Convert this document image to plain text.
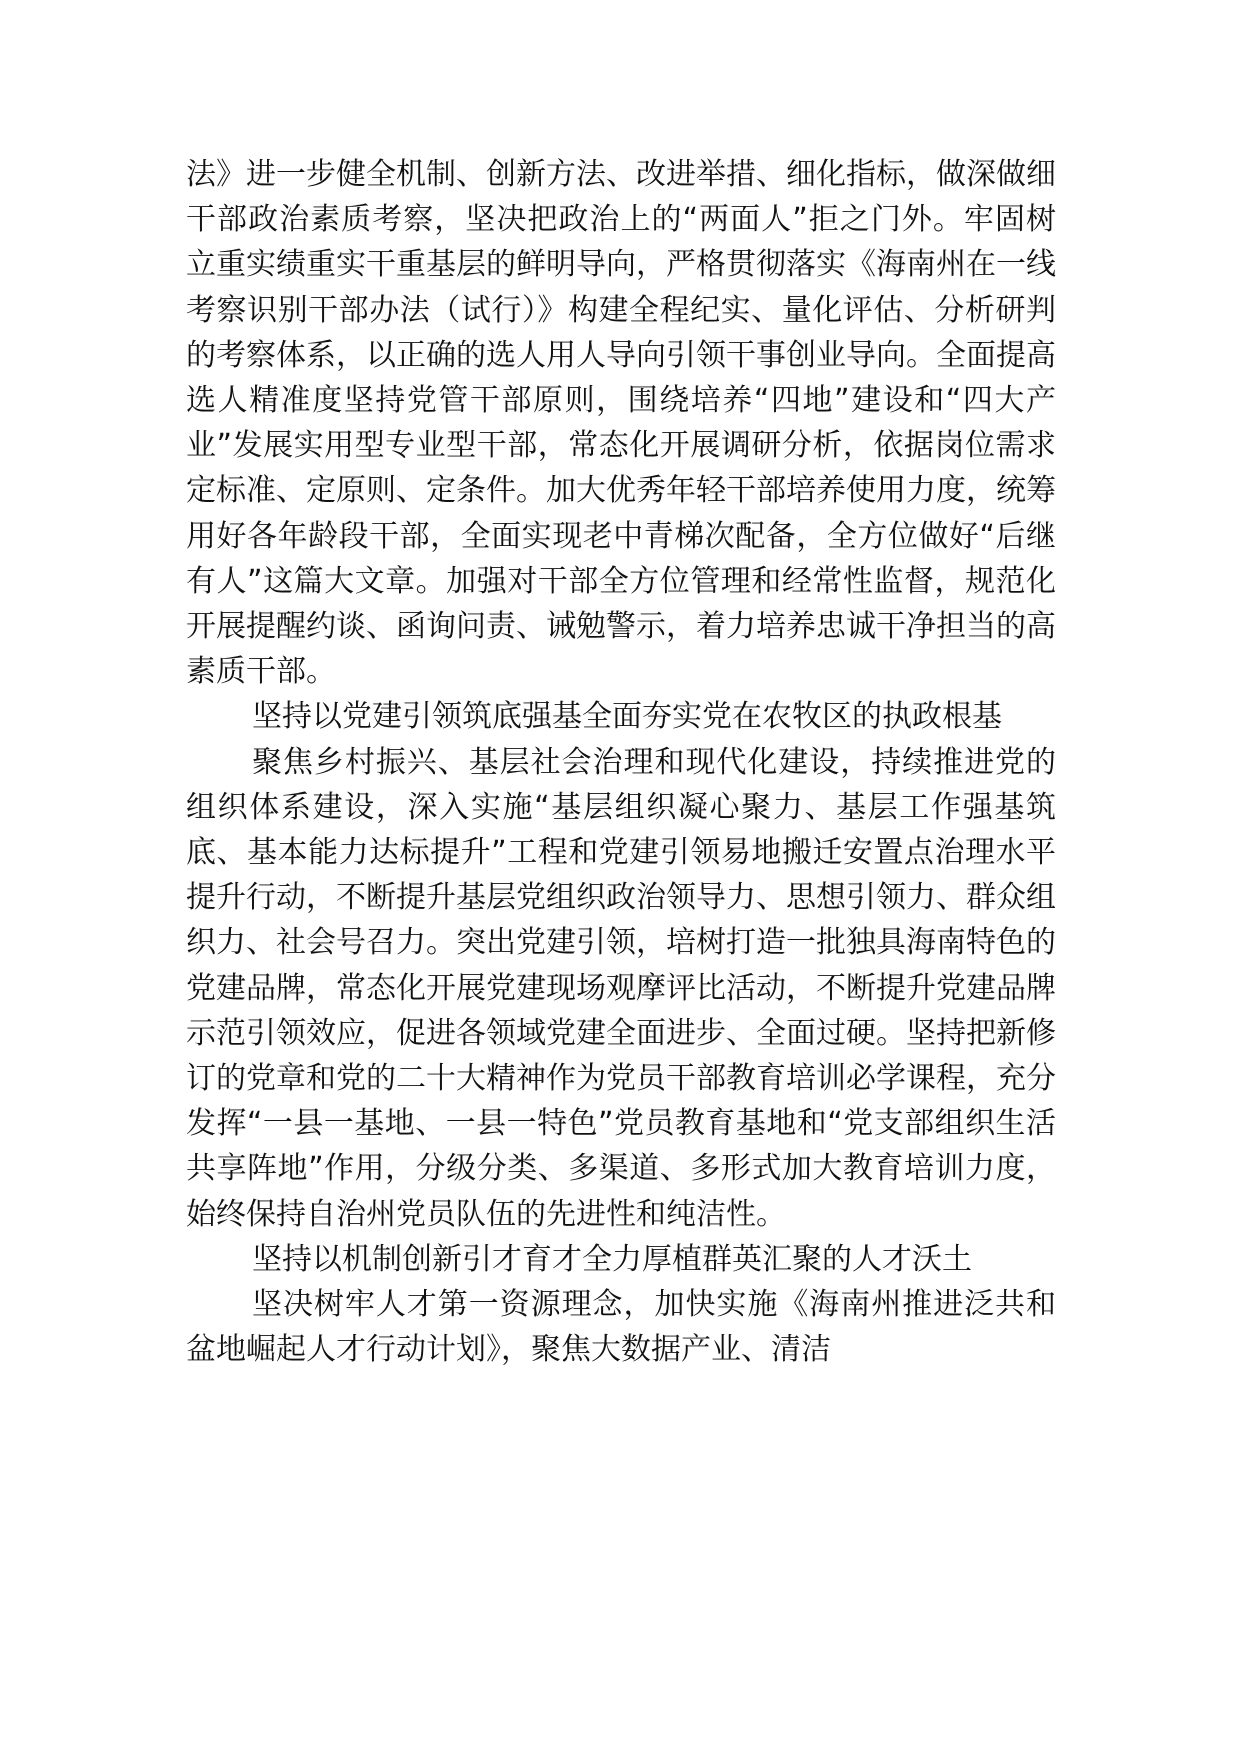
法》进一步健全机制、创新方法、改进举措、细化指标，做深做细干部政治素质考察，坚决把政治上的“两面人”拒之门外。牢固树立重实绩重实干重基层的鲜明导向，严格贯彻落实《海南州在一线考察识别干部办法（试行）》构建全程纪实、量化评估、分析研判的考察体系，以正确的选人用人导向引领干事创业导向。全面提高选人精准度坚持党管干部原则，围绕培养“四地”建设和“四大产业”发展实用型专业型干部，常态化开展调研分析，依据岗位需求定标准、定原则、定条件。加大优秀年轻干部培养使用力度，统筹用好各年龄段干部，全面实现老中青梯次配备，全方位做好“后继有人”这篇大文章。加强对干部全方位管理和经常性监督，规范化开展提醒约谈、函询问责、诫勉警示，着力培养忠诚干净担当的高素质干部。

坚持以党建引领筑底强基全面夯实党在农牧区的执政根基

聚焦乡村振兴、基层社会治理和现代化建设，持续推进党的组织体系建设，深入实施“基层组织凝心聚力、基层工作强基筑底、基本能力达标提升”工程和党建引领易地搬迁安置点治理水平提升行动，不断提升基层党组织政治领导力、思想引领力、群众组织力、社会号召力。突出党建引领，培树打造一批独具海南特色的党建品牌，常态化开展党建现场观摩评比活动，不断提升党建品牌示范引领效应，促进各领域党建全面进步、全面过硬。坚持把新修订的党章和党的二十大精神作为党员干部教育培训必学课程，充分发挥“一县一基地、一县一特色”党员教育基地和“党支部组织生活共享阵地”作用，分级分类、多渠道、多形式加大教育培训力度，始终保持自治州党员队伍的先进性和纯洁性。

坚持以机制创新引才育才全力厚植群英汇聚的人才沃土

坚决树牢人才第一资源理念，加快实施《海南州推进泛共和盆地崛起人才行动计划》，聚焦大数据产业、清洁
